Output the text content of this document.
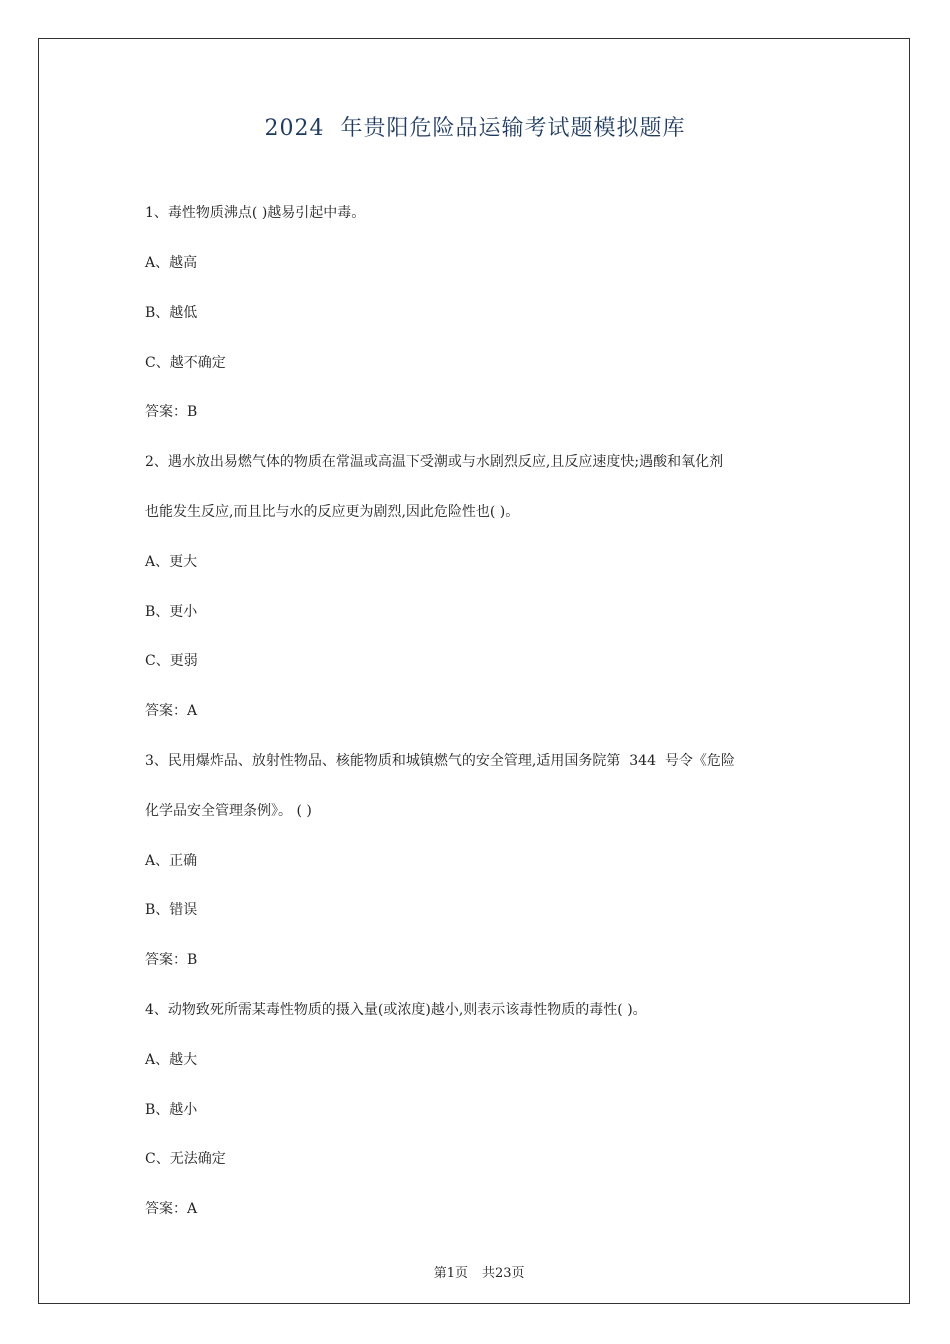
2024  年贵阳危险品运输考试题模拟题库
1、毒性物质沸点( )越易引起中毒。
A、越高
B、越低
C、越不确定
答案：B
2、遇水放出易燃气体的物质在常温或高温下受潮或与水剧烈反应,且反应速度快;遇酸和氧化剂
也能发生反应,而且比与水的反应更为剧烈,因此危险性也( )。
A、更大
B、更小
C、更弱
答案：A
3、民用爆炸品、放射性物品、核能物质和城镇燃气的安全管理,适用国务院第  344  号令《危险
化学品安全管理条例》。 ( )
A、正确
B、错误
答案：B
4、动物致死所需某毒性物质的摄入量(或浓度)越小,则表示该毒性物质的毒性( )。
A、越大
B、越小
C、无法确定
答案：A

第1页 共23页
